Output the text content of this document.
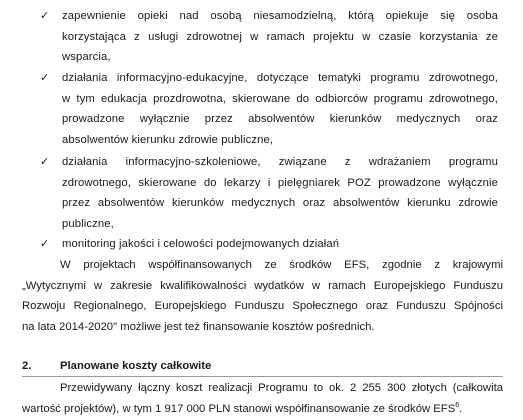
✓	zapewnienie opieki nad osobą niesamodzielną, którą opiekuje się osoba
korzystająca z usługi zdrowotnej w ramach projektu w czasie korzystania ze
wsparcia,
✓	działania informacyjno-edukacyjne, dotyczące tematyki programu zdrowotnego,
w tym edukacja prozdrowotna, skierowane do odbiorców programu zdrowotnego,
prowadzone wyłącznie przez absolwentów kierunków medycznych oraz
absolwentów kierunku zdrowie publiczne,
✓	działania informacyjno-szkoleniowe, związane z wdrażaniem programu
zdrowotnego, skierowane do lekarzy i pielęgniarek POZ prowadzone wyłącznie
przez absolwentów kierunków medycznych oraz absolwentów kierunku zdrowie
publiczne,
✓	monitoring jakości i celowości podejmowanych działań
W projektach współfinansowanych ze środków EFS, zgodnie z krajowymi
„Wytycznymi w zakresie kwalifikowalności wydatków w ramach Europejskiego Funduszu
Rozwoju Regionalnego, Europejskiego Funduszu Społecznego oraz Funduszu Spójności
na lata 2014-2020" możliwe jest też finansowanie kosztów pośrednich.
2.	Planowane koszty całkowite
Przewidywany łączny koszt realizacji Programu to ok. 2 255 300 złotych (całkowita
wartość projektów), w tym 1 917 000 PLN stanowi współfinansowanie ze środków EFS$^6$.
